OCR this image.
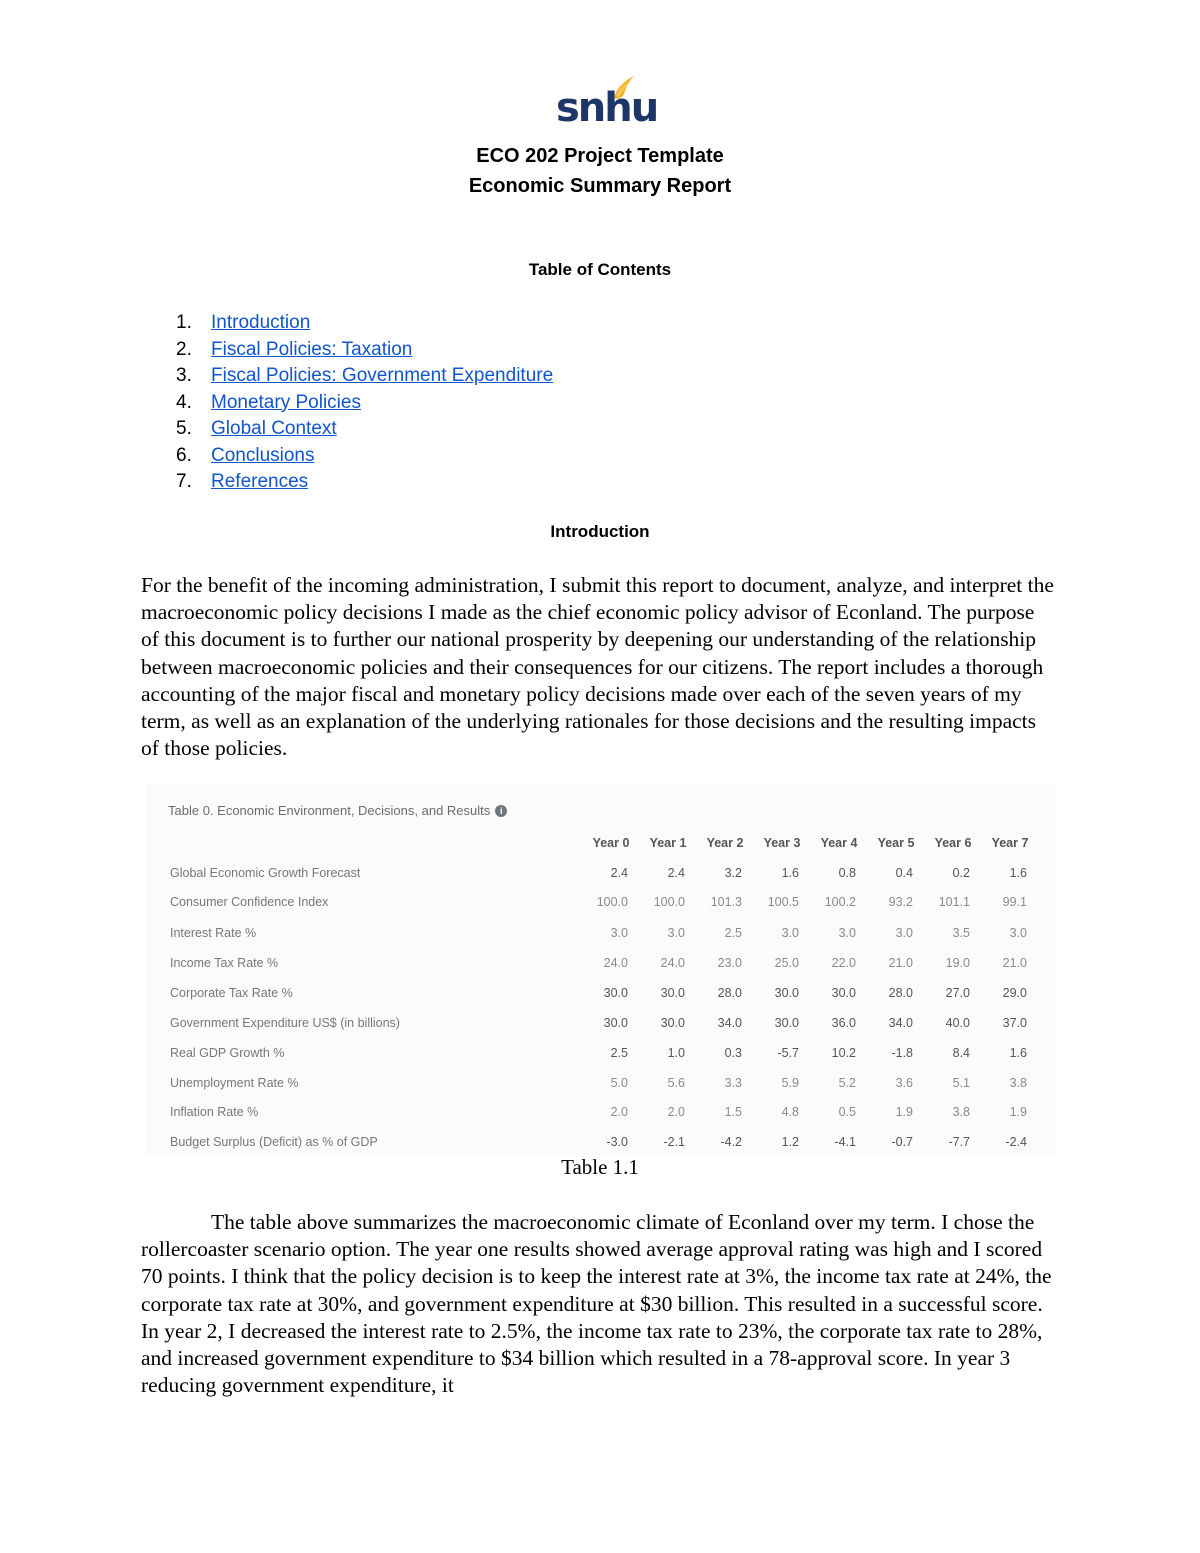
snhu
ECO 202 Project Template
Economic Summary Report
Table of Contents
1. Introduction
2. Fiscal Policies: Taxation
3. Fiscal Policies: Government Expenditure
4. Monetary Policies
5. Global Context
6. Conclusions
7. References
Introduction

For the benefit of the incoming administration, I submit this report to document, analyze, and interpret the macroeconomic policy decisions I made as the chief economic policy advisor of Econland. The purpose of this document is to further our national prosperity by deepening our understanding of the relationship between macroeconomic policies and their consequences for our citizens. The report includes a thorough accounting of the major fiscal and monetary policy decisions made over each of the seven years of my term, as well as an explanation of the underlying rationales for those decisions and the resulting impacts of those policies.

Table 0. Economic Environment, Decisions, and Results i
Year 0	Year 1	Year 2	Year 3	Year 4	Year 5	Year 6	Year 7
Global Economic Growth Forecast	2.4	2.4	3.2	1.6	0.8	0.4	0.2	1.6
Consumer Confidence Index	100.0	100.0	101.3	100.5	100.2	93.2	101.1	99.1
Interest Rate %	3.0	3.0	2.5	3.0	3.0	3.0	3.5	3.0
Income Tax Rate %	24.0	24.0	23.0	25.0	22.0	21.0	19.0	21.0
Corporate Tax Rate %	30.0	30.0	28.0	30.0	30.0	28.0	27.0	29.0
Government Expenditure US$ (in billions)	30.0	30.0	34.0	30.0	36.0	34.0	40.0	37.0
Real GDP Growth %	2.5	1.0	0.3	-5.7	10.2	-1.8	8.4	1.6
Unemployment Rate %	5.0	5.6	3.3	5.9	5.2	3.6	5.1	3.8
Inflation Rate %	2.0	2.0	1.5	4.8	0.5	1.9	3.8	1.9
Budget Surplus (Deficit) as % of GDP	-3.0	-2.1	-4.2	1.2	-4.1	-0.7	-7.7	-2.4
Table 1.1

The table above summarizes the macroeconomic climate of Econland over my term. I chose the rollercoaster scenario option. The year one results showed average approval rating was high and I scored 70 points. I think that the policy decision is to keep the interest rate at 3%, the income tax rate at 24%, the corporate tax rate at 30%, and government expenditure at $30 billion. This resulted in a successful score. In year 2, I decreased the interest rate to 2.5%, the income tax rate to 23%, the corporate tax rate to 28%, and increased government expenditure to $34 billion which resulted in a 78-approval score. In year 3 reducing government expenditure, it
